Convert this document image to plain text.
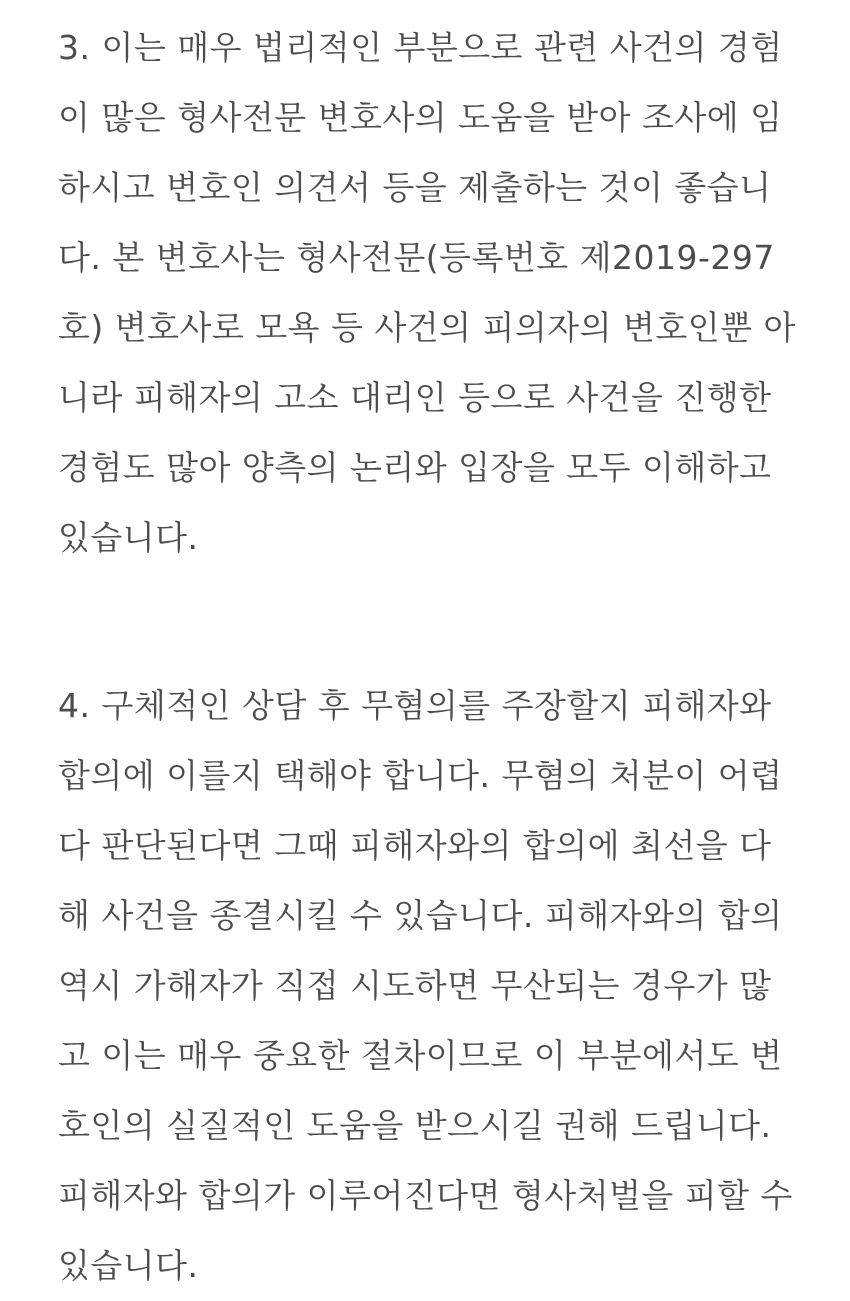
3. 이는 매우 법리적인 부분으로 관련 사건의 경험
이 많은 형사전문 변호사의 도움을 받아 조사에 임
하시고 변호인 의견서 등을 제출하는 것이 좋습니
다. 본 변호사는 형사전문(등록번호 제2019-297
호) 변호사로 모욕 등 사건의 피의자의 변호인뿐 아
니라 피해자의 고소 대리인 등으로 사건을 진행한
경험도 많아 양측의 논리와 입장을 모두 이해하고
있습니다.
4. 구체적인 상담 후 무혐의를 주장할지 피해자와
합의에 이를지 택해야 합니다. 무혐의 처분이 어렵
다 판단된다면 그때 피해자와의 합의에 최선을 다
해 사건을 종결시킬 수 있습니다. 피해자와의 합의
역시 가해자가 직접 시도하면 무산되는 경우가 많
고 이는 매우 중요한 절차이므로 이 부분에서도 변
호인의 실질적인 도움을 받으시길 권해 드립니다.
피해자와 합의가 이루어진다면 형사처벌을 피할 수
있습니다.
